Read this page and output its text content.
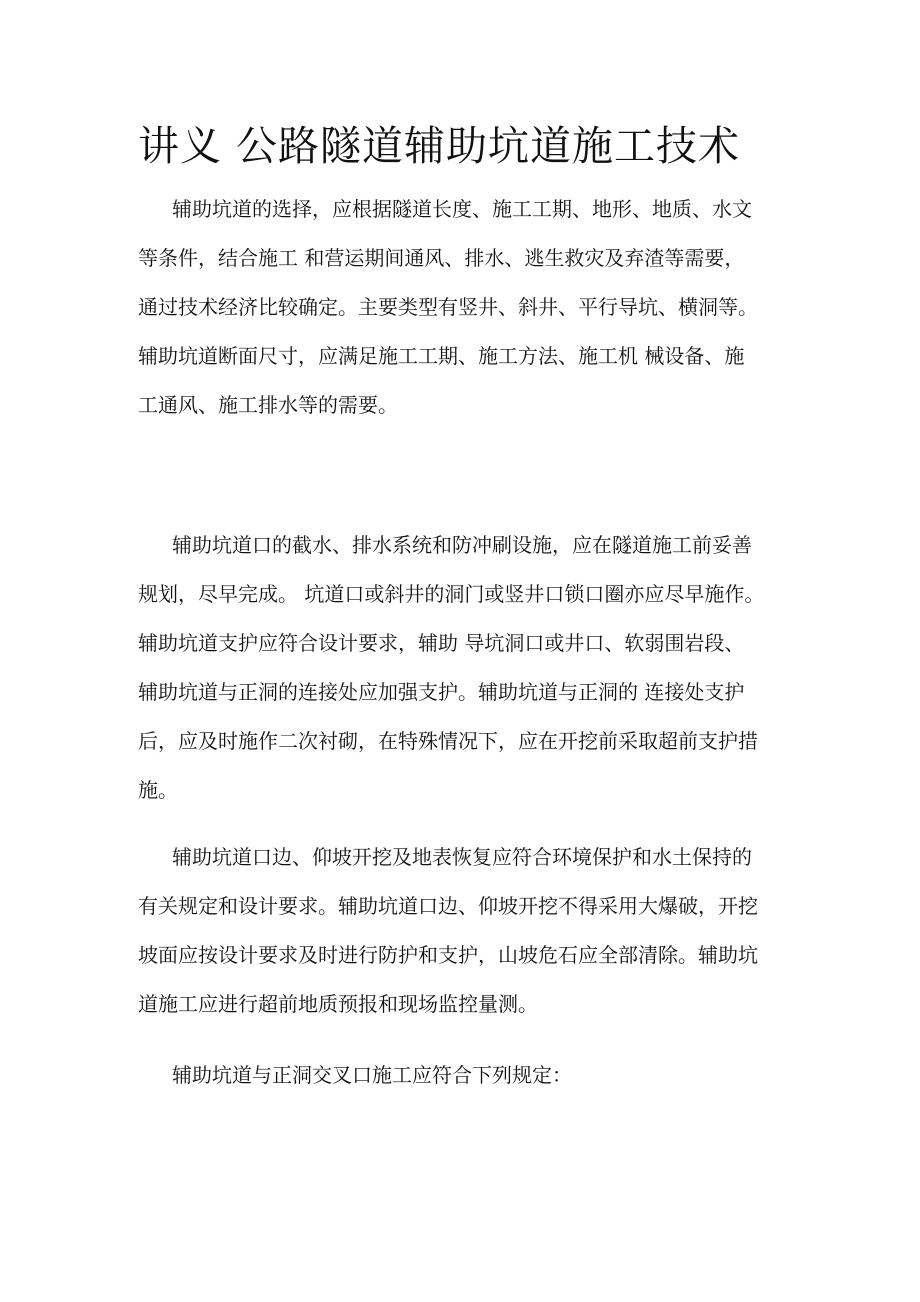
讲义 公路隧道辅助坑道施工技术
辅助坑道的选择，应根据隧道长度、施工工期、地形、地质、水文
等条件，结合施工 和营运期间通风、排水、逃生救灾及弃渣等需要，
通过技术经济比较确定。主要类型有竖井、斜井、平行导坑、横洞等。
辅助坑道断面尺寸，应满足施工工期、施工方法、施工机 械设备、施
工通风、施工排水等的需要。
辅助坑道口的截水、排水系统和防冲刷设施，应在隧道施工前妥善
规划，尽早完成。 坑道口或斜井的洞门或竖井口锁口圈亦应尽早施作。
辅助坑道支护应符合设计要求，辅助 导坑洞口或井口、软弱围岩段、
辅助坑道与正洞的连接处应加强支护。辅助坑道与正洞的 连接处支护
后，应及时施作二次衬砌，在特殊情况下，应在开挖前采取超前支护措
施。
辅助坑道口边、仰坡开挖及地表恢复应符合环境保护和水土保持的
有关规定和设计要求。辅助坑道口边、仰坡开挖不得采用大爆破，开挖
坡面应按设计要求及时进行防护和支护，山坡危石应全部清除。辅助坑
道施工应进行超前地质预报和现场监控量测。
辅助坑道与正洞交叉口施工应符合下列规定：
